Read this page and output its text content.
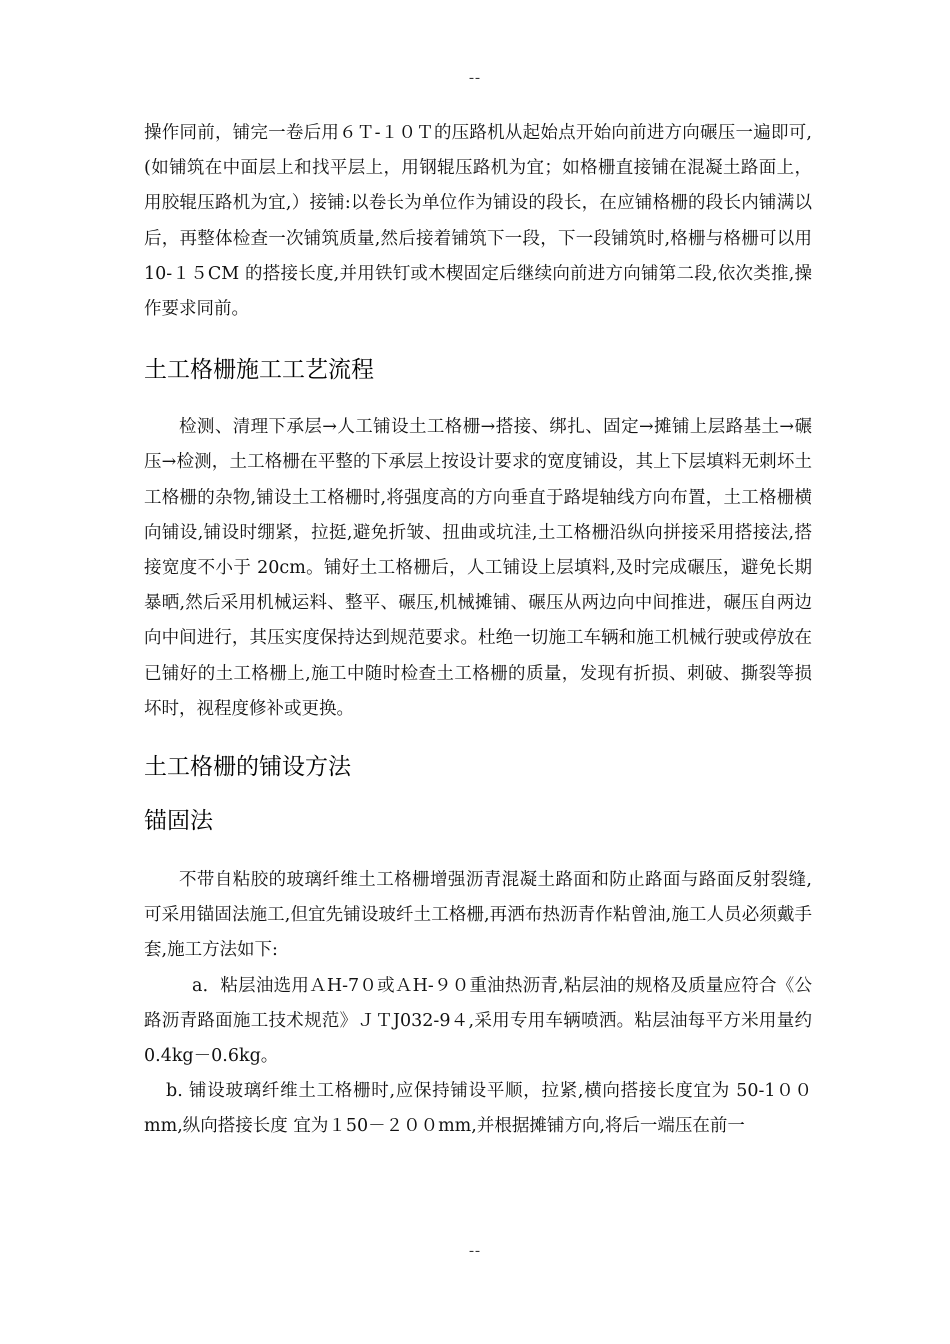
--

操作同前，铺完一卷后用６Ｔ-１０Ｔ的压路机从起始点开始向前进方向碾压一遍即可,(如铺筑在中面层上和找平层上，用钢辊压路机为宜；如格栅直接铺在混凝土路面上，用胶辊压路机为宜,）接铺:以卷长为单位作为铺设的段长，在应铺格栅的段长内铺满以后，再整体检查一次铺筑质量,然后接着铺筑下一段，下一段铺筑时,格栅与格栅可以用 10-１５CM 的搭接长度,并用铁钉或木楔固定后继续向前进方向铺第二段,依次类推,操作要求同前。

土工格栅施工工艺流程

检测、清理下承层→人工铺设土工格栅→搭接、绑扎、固定→摊铺上层路基土→碾压→检测，土工格栅在平整的下承层上按设计要求的宽度铺设，其上下层填料无刺坏土工格栅的杂物,铺设土工格栅时,将强度高的方向垂直于路堤轴线方向布置，土工格栅横向铺设,铺设时绷紧，拉挺,避免折皱、扭曲或坑洼,土工格栅沿纵向拼接采用搭接法,搭接宽度不小于 20cm。铺好土工格栅后，人工铺设上层填料,及时完成碾压，避免长期暴晒,然后采用机械运料、整平、碾压,机械摊铺、碾压从两边向中间推进，碾压自两边向中间进行，其压实度保持达到规范要求。杜绝一切施工车辆和施工机械行驶或停放在已铺好的土工格栅上,施工中随时检查土工格栅的质量，发现有折损、刺破、撕裂等损坏时，视程度修补或更换。

土工格栅的铺设方法
锚固法

不带自粘胶的玻璃纤维土工格栅增强沥青混凝土路面和防止路面与路面反射裂缝,可采用锚固法施工,但宜先铺设玻纤土工格栅,再洒布热沥青作粘曾油,施工人员必须戴手套,施工方法如下:

a．粘层油选用ＡH-7０或ＡH-９０重油热沥青,粘层油的规格及质量应符合《公路沥青路面施工技术规范》ＪＴJ032-9４,采用专用车辆喷洒。粘层油每平方米用量约 0.4kg－0.6kg。

b. 铺设玻璃纤维土工格栅时,应保持铺设平顺，拉紧,横向搭接长度宜为 50-1００mm,纵向搭接长度 宜为１50－２００mm,并根据摊铺方向,将后一端压在前一

--
